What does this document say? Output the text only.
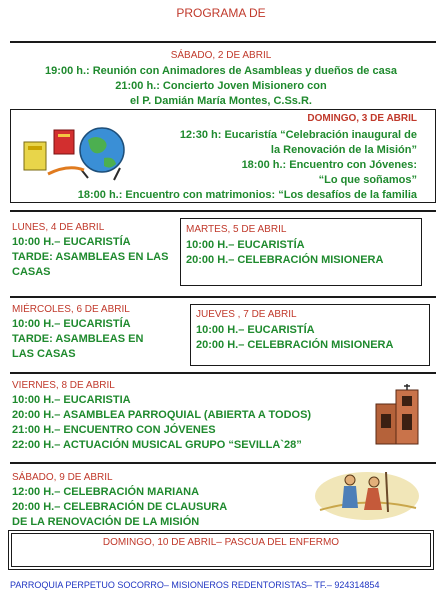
PROGRAMA DE
SÁBADO, 2 DE ABRIL
19:00 h.: Reunión con Animadores de Asambleas y dueños de casa
21:00 h.: Concierto Joven Misionero con
el P. Damián María Montes, C.Ss.R.
DOMINGO, 3 DE ABRIL
12:30 h: Eucaristía “Celebración inaugural de
la Renovación de la Misión”
18:00 h.: Encuentro con Jóvenes:
“Lo que soñamos”
18:00 h.: Encuentro con matrimonios: “Los desafíos de la familia
LUNES, 4 DE ABRIL
10:00 H.– EUCARISTÍA
TARDE: ASAMBLEAS EN LAS
CASAS
MARTES, 5 DE ABRIL
10:00 H.– EUCARISTÍA
20:00 H.– CELEBRACIÓN MISIONERA
MIÉRCOLES, 6 DE ABRIL
10:00 H.– EUCARISTÍA
TARDE: ASAMBLEAS EN
LAS CASAS
JUEVES , 7 DE ABRIL
10:00 H.– EUCARISTÍA
20:00 H.– CELEBRACIÓN MISIONERA
VIERNES, 8 DE ABRIL
10:00 H.– EUCARISTIA
20:00 H.– ASAMBLEA PARROQUIAL (ABIERTA A TODOS)
21:00 H.– ENCUENTRO CON JÓVENES
22:00 H.– ACTUACIÓN MUSICAL GRUPO “SEVILLA`28”
SÁBADO, 9 DE ABRIL
12:00 H.– CELEBRACIÓN MARIANA
20:00 H.– CELEBRACIÓN DE CLAUSURA
DE LA RENOVACIÓN DE LA MISIÓN
DOMINGO, 10 DE ABRIL– PASCUA DEL ENFERMO
PARROQUIA PERPETUO SOCORRO– MISIONEROS REDENTORISTAS– TF.– 924314854
